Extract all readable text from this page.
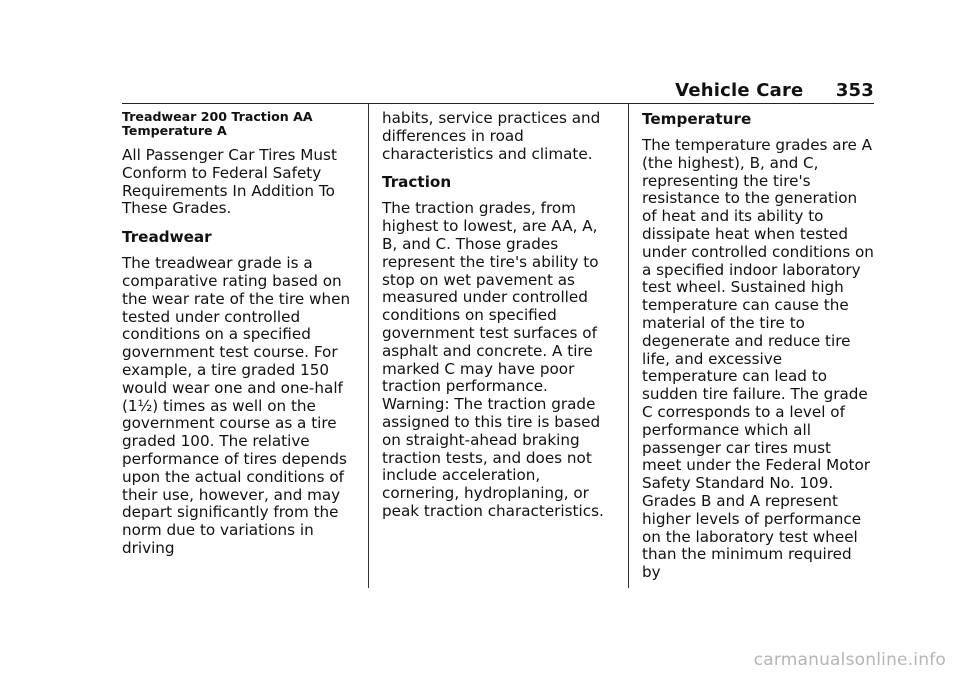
Vehicle Care 353

Treadwear 200 Traction AA Temperature A

All Passenger Car Tires Must Conform to Federal Safety Requirements In Addition To These Grades.

Treadwear

The treadwear grade is a comparative rating based on the wear rate of the tire when tested under controlled conditions on a specified government test course. For example, a tire graded 150 would wear one and one-half (1½) times as well on the government course as a tire graded 100. The relative performance of tires depends upon the actual conditions of their use, however, and may depart significantly from the norm due to variations in driving

habits, service practices and differences in road characteristics and climate.

Traction

The traction grades, from highest to lowest, are AA, A, B, and C. Those grades represent the tire's ability to stop on wet pavement as measured under controlled conditions on specified government test surfaces of asphalt and concrete. A tire marked C may have poor traction performance. Warning: The traction grade assigned to this tire is based on straight-ahead braking traction tests, and does not include acceleration, cornering, hydroplaning, or peak traction characteristics.

Temperature

The temperature grades are A (the highest), B, and C, representing the tire's resistance to the generation of heat and its ability to dissipate heat when tested under controlled conditions on a specified indoor laboratory test wheel. Sustained high temperature can cause the material of the tire to degenerate and reduce tire life, and excessive temperature can lead to sudden tire failure. The grade C corresponds to a level of performance which all passenger car tires must meet under the Federal Motor Safety Standard No. 109. Grades B and A represent higher levels of performance on the laboratory test wheel than the minimum required by

carmanualsonline.info
